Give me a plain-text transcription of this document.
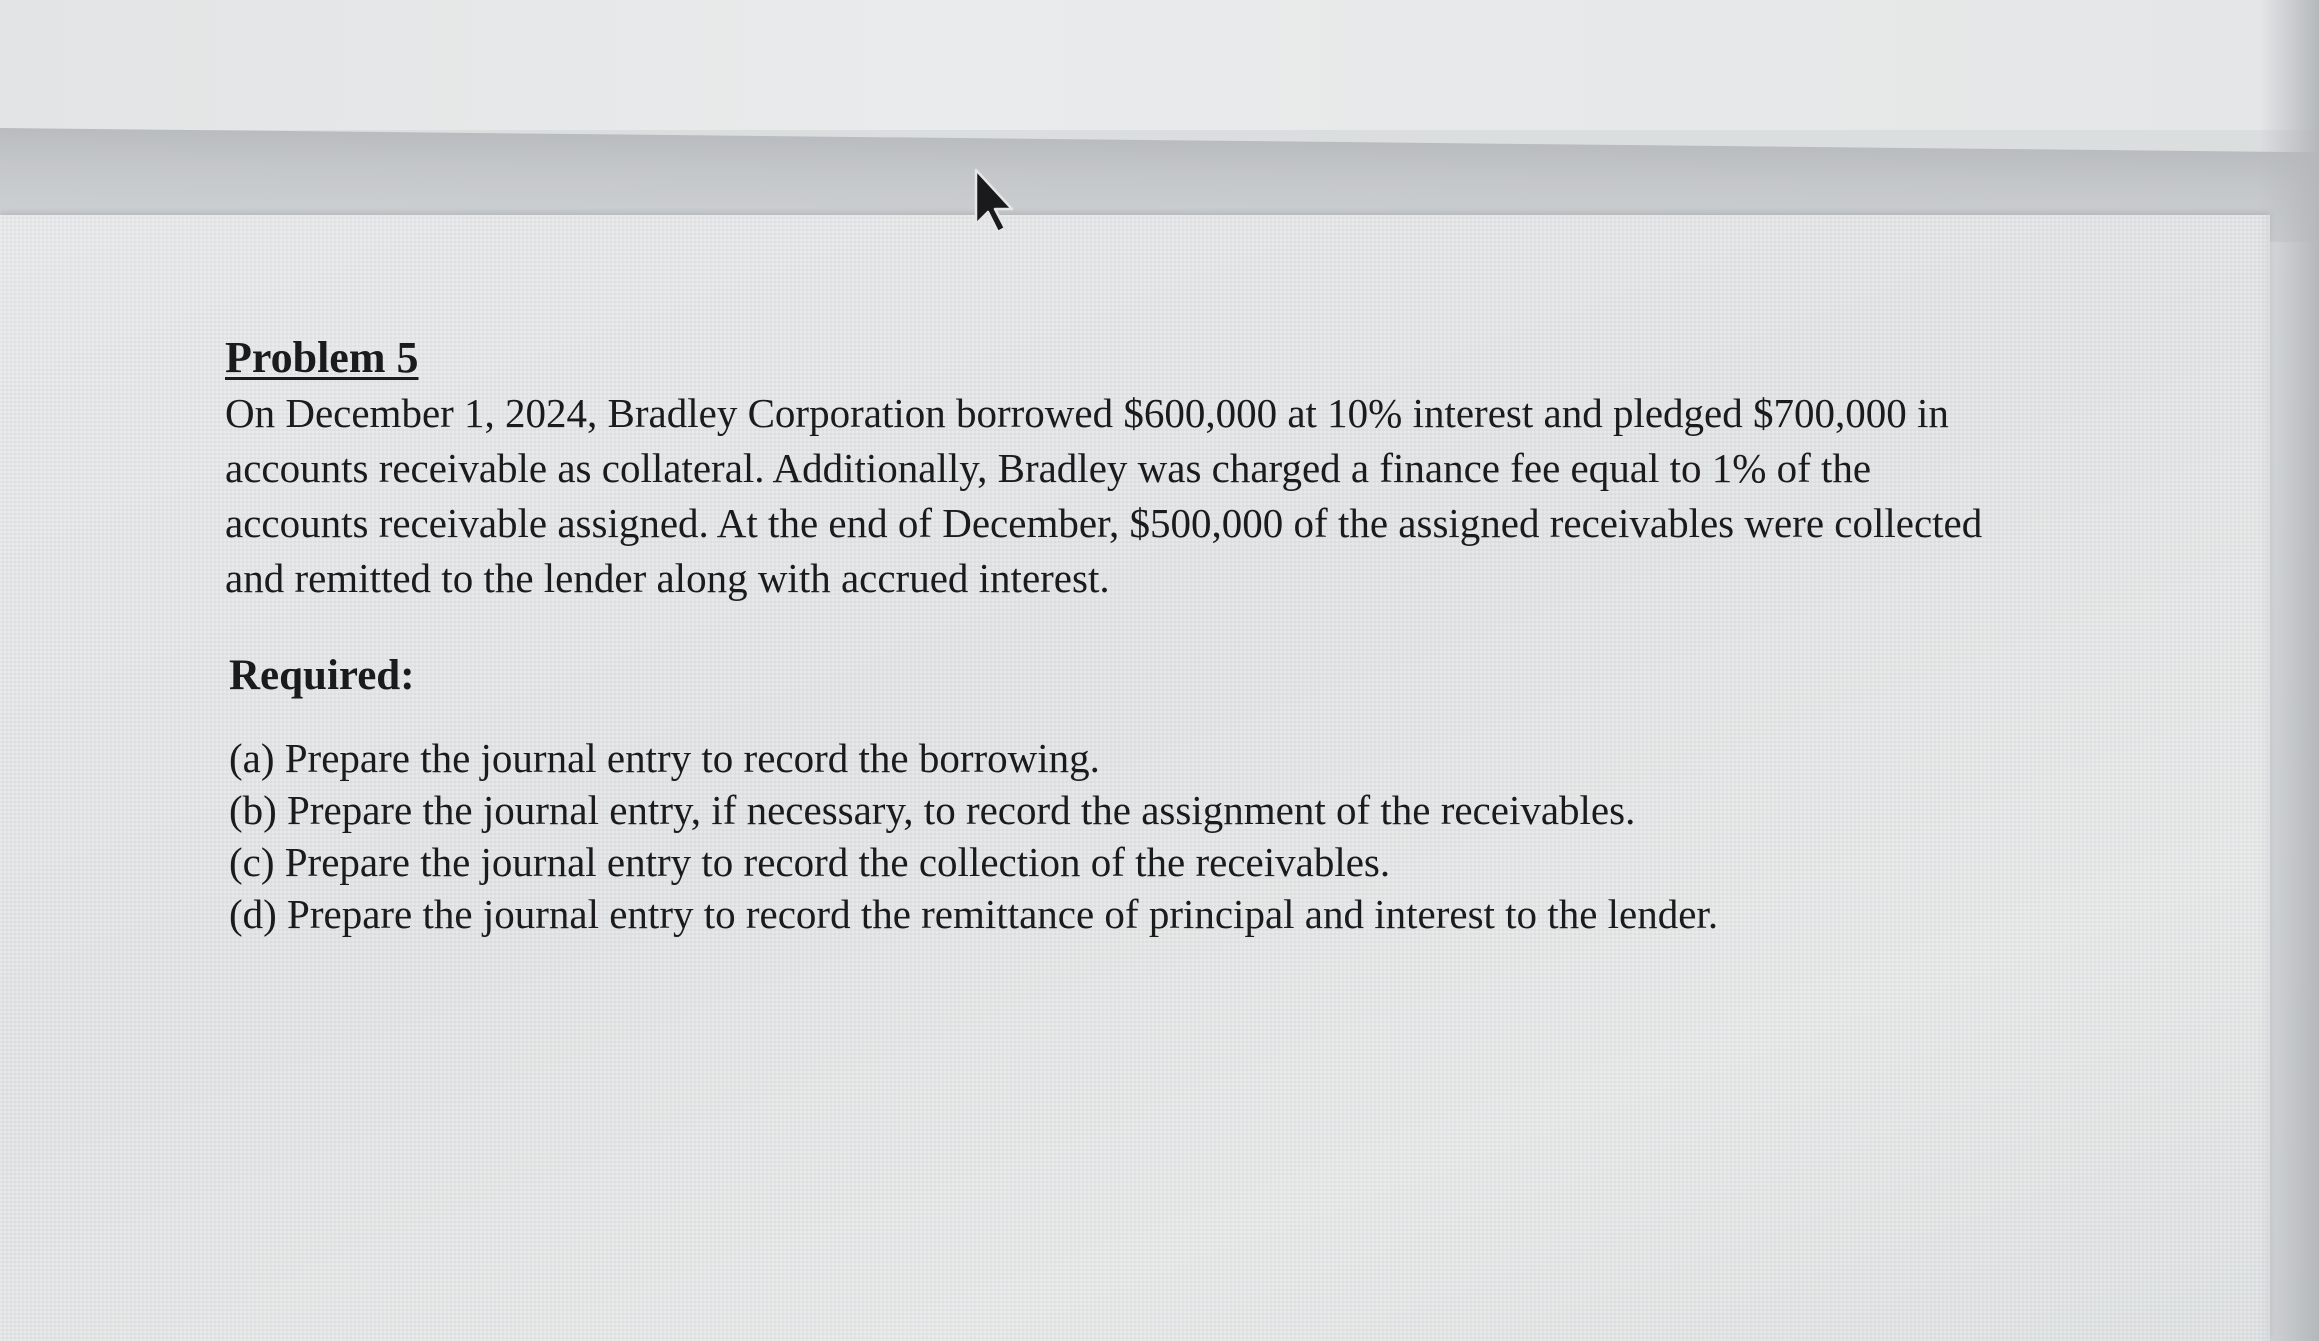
Problem 5

On December 1, 2024, Bradley Corporation borrowed $600,000 at 10% interest and pledged $700,000 in accounts receivable as collateral. Additionally, Bradley was charged a finance fee equal to 1% of the accounts receivable assigned. At the end of December, $500,000 of the assigned receivables were collected and remitted to the lender along with accrued interest.

Required:

(a) Prepare the journal entry to record the borrowing.
(b) Prepare the journal entry, if necessary, to record the assignment of the receivables.
(c) Prepare the journal entry to record the collection of the receivables.
(d) Prepare the journal entry to record the remittance of principal and interest to the lender.
